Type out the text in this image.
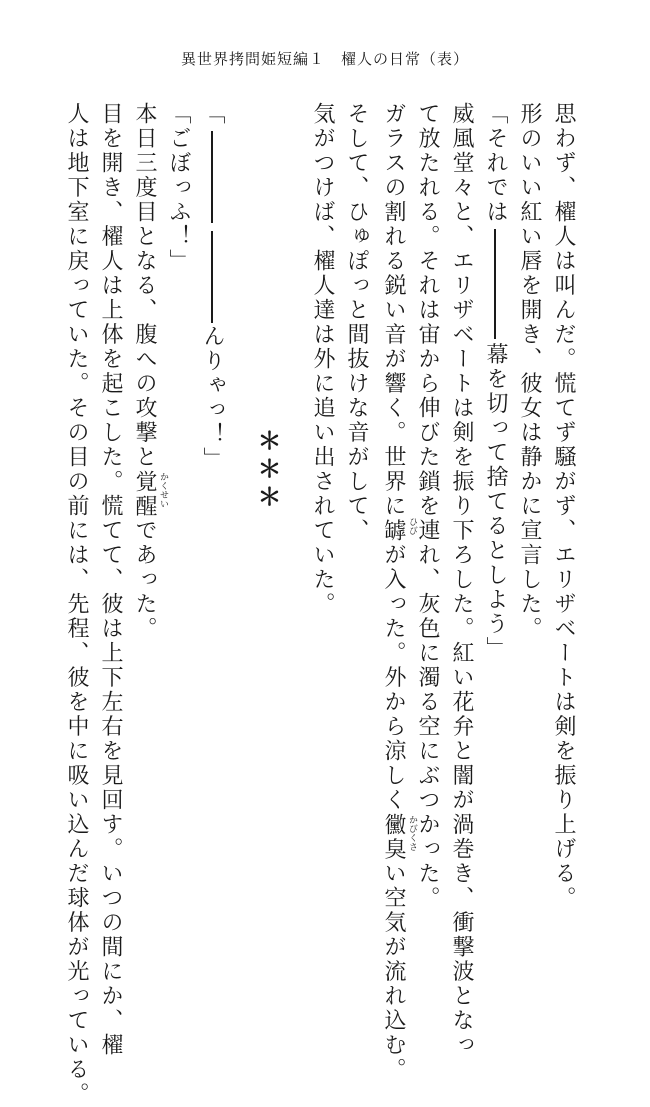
異世界拷問姫短編１　櫂人の日常（表）
思わず、櫂人は叫んだ。慌てず騒がず、エリザベートは剣を振り上げる。
形のいい紅い唇を開き、彼女は静かに宣言した。
「それでは幕を切って捨てるとしよう」
威風堂々と、エリザベートは剣を振り下ろした。紅い花弁と闇が渦巻き、衝撃波となっ
て放たれる。それは宙から伸びた鎖を連れ、灰色に濁る空にぶつかった。
ガラスの割れる鋭い音が響く。世界に罅 ひび
が入った。外から涼しく黴臭 かびくさ
い空気が流れ込む。
そして、ひゅぽっと間抜けな音がして、
気がつけば、櫂人達は外に追い出されていた。
＊＊＊
「んりゃっ！」
「ごぼっふ！」
本日三度目となる、腹への攻撃と覚醒 かくせい
であった。
目を開き、櫂人は上体を起こした。慌てて、彼は上下左右を見回す。いつの間にか、櫂
人は地下室に戻っていた。その目の前には、先程、彼を中に吸い込んだ球体が光っている。
